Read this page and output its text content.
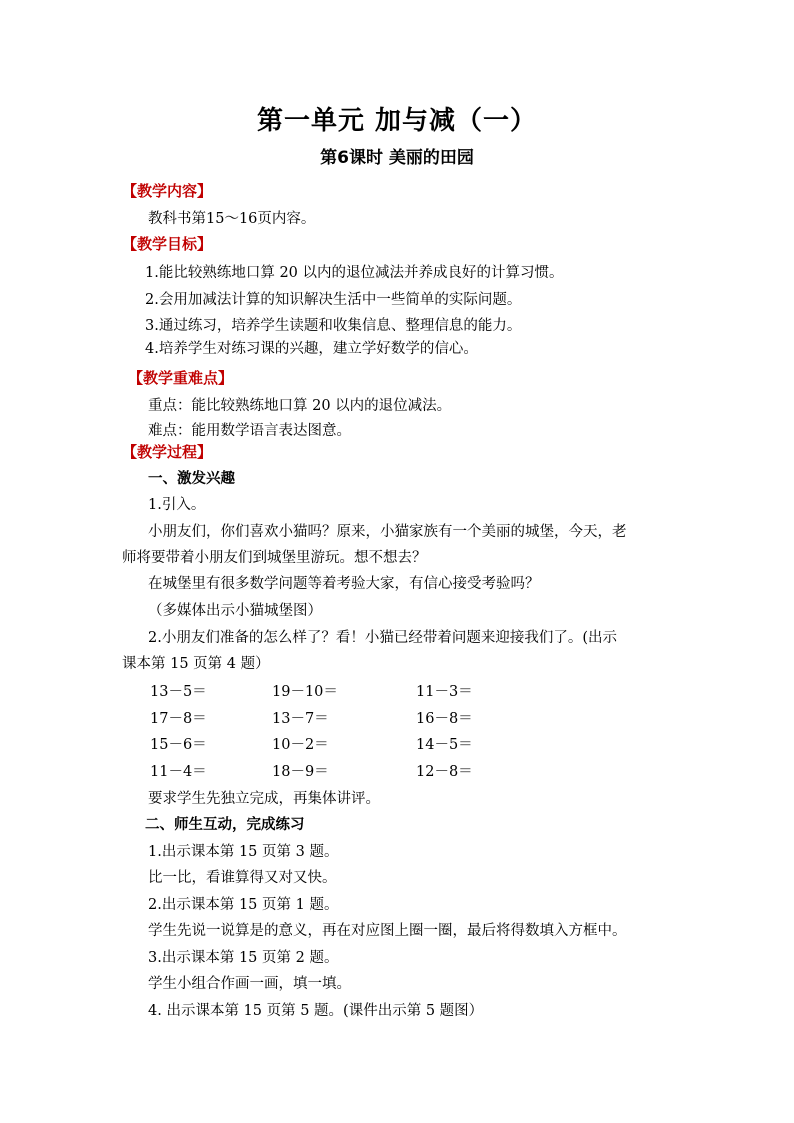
第一单元 加与减（一）
第6课时 美丽的田园
【教学内容】
教科书第15～16页内容。
【教学目标】
1.能比较熟练地口算 20 以内的退位减法并养成良好的计算习惯。
2.会用加减法计算的知识解决生活中一些简单的实际问题。
3.通过练习，培养学生读题和收集信息、整理信息的能力。
4.培养学生对练习课的兴趣，建立学好数学的信心。
【教学重难点】
重点：能比较熟练地口算 20 以内的退位减法。
难点：能用数学语言表达图意。
【教学过程】
一、激发兴趣
1.引入。
小朋友们，你们喜欢小猫吗？原来，小猫家族有一个美丽的城堡，今天，老
师将要带着小朋友们到城堡里游玩。想不想去？
在城堡里有很多数学问题等着考验大家，有信心接受考验吗？
（多媒体出示小猫城堡图）
2.小朋友们准备的怎么样了？看！小猫已经带着问题来迎接我们了。(出示
课本第 15 页第 4 题）
13－5＝	19－10＝	11－3＝
17－8＝	13－7＝	16－8＝
15－6＝	10－2＝	14－5＝
11－4＝	18－9＝	12－8＝
要求学生先独立完成，再集体讲评。
二、师生互动，完成练习
1.出示课本第 15 页第 3 题。
比一比，看谁算得又对又快。
2.出示课本第 15 页第 1 题。
学生先说一说算是的意义，再在对应图上圈一圈，最后将得数填入方框中。
3.出示课本第 15 页第 2 题。
学生小组合作画一画，填一填。
4. 出示课本第 15 页第 5 题。(课件出示第 5 题图）
